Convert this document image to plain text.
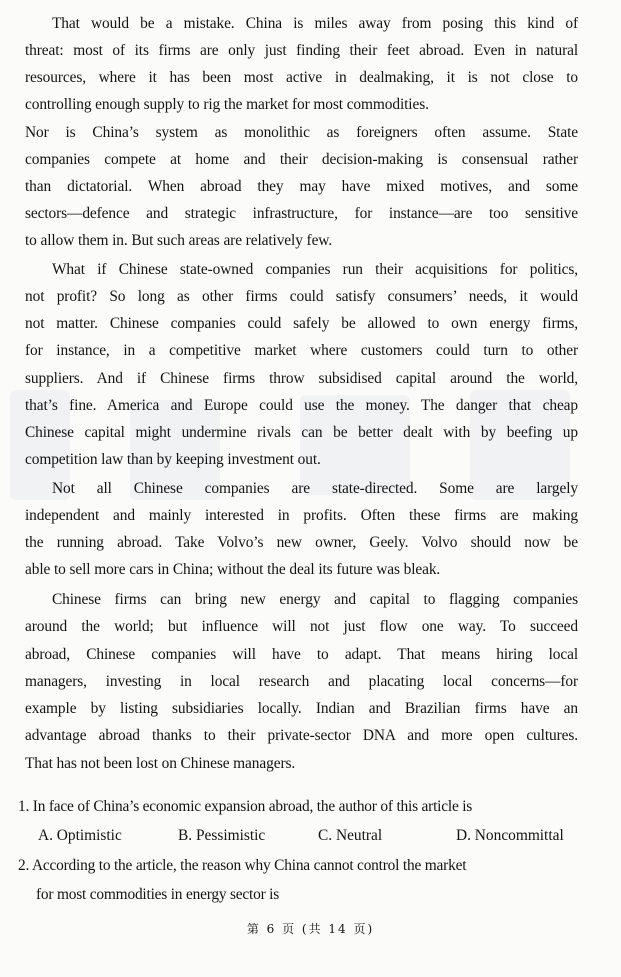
That would be a mistake. China is miles away from posing this kind of
threat: most of its firms are only just finding their feet abroad. Even in natural
resources, where it has been most active in dealmaking, it is not close to
controlling enough supply to rig the market for most commodities.
Nor is China’s system as monolithic as foreigners often assume. State
companies compete at home and their decision-making is consensual rather
than dictatorial. When abroad they may have mixed motives, and some
sectors—defence and strategic infrastructure, for instance—are too sensitive
to allow them in. But such areas are relatively few.
What if Chinese state-owned companies run their acquisitions for politics,
not profit? So long as other firms could satisfy consumers’ needs, it would
not matter. Chinese companies could safely be allowed to own energy firms,
for instance, in a competitive market where customers could turn to other
suppliers. And if Chinese firms throw subsidised capital around the world,
that’s fine. America and Europe could use the money. The danger that cheap
Chinese capital might undermine rivals can be better dealt with by beefing up
competition law than by keeping investment out.
Not all Chinese companies are state-directed. Some are largely
independent and mainly interested in profits. Often these firms are making
the running abroad. Take Volvo’s new owner, Geely. Volvo should now be
able to sell more cars in China; without the deal its future was bleak.
Chinese firms can bring new energy and capital to flagging companies
around the world; but influence will not just flow one way. To succeed
abroad, Chinese companies will have to adapt. That means hiring local
managers, investing in local research and placating local concerns—for
example by listing subsidiaries locally. Indian and Brazilian firms have an
advantage abroad thanks to their private-sector DNA and more open cultures.
That has not been lost on Chinese managers.
1. In face of China’s economic expansion abroad, the author of this article is
A. Optimistic	B. Pessimistic	C. Neutral	D. Noncommittal
2. According to the article, the reason why China cannot control the market
for most commodities in energy sector is
第 6 页 (共 14 页)
